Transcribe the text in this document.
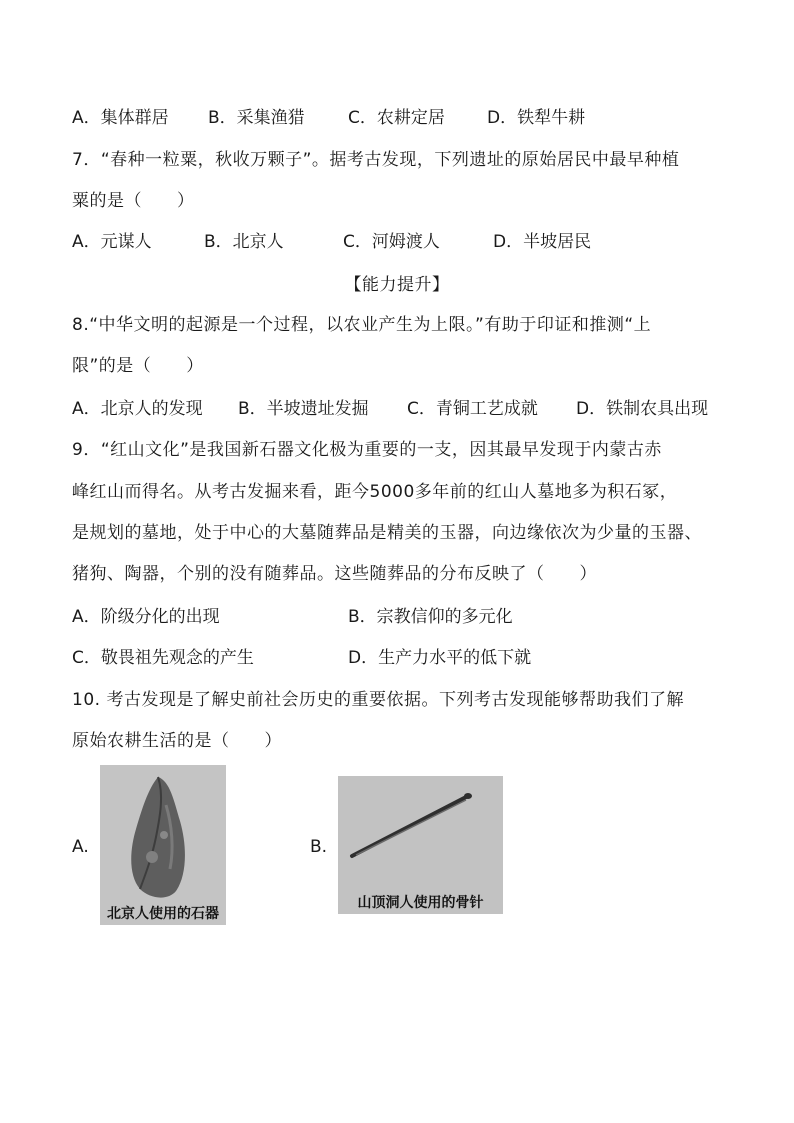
A．集体群居 B．采集渔猎	C．农耕定居 D．铁犁牛耕
7．“春种一粒粟，秋收万颗子”。据考古发现，下列遗址的原始居民中最早种植
粟的是（　　）
A．元谋人	B．北京人	C．河姆渡人	D．半坡居民
【能力提升】
8.“中华文明的起源是一个过程，以农业产生为上限。”有助于印证和推测“上
限”的是（　　）
A．北京人的发现 B．半坡遗址发掘 C．青铜工艺成就 D．铁制农具出现
9．“红山文化”是我国新石器文化极为重要的一支，因其最早发现于内蒙古赤
峰红山而得名。从考古发掘来看，距今5000多年前的红山人墓地多为积石冢，
是规划的墓地，处于中心的大墓随葬品是精美的玉器，向边缘依次为少量的玉器、
猪狗、陶器，个别的没有随葬品。这些随葬品的分布反映了（　　）
A．阶级分化的出现	B．宗教信仰的多元化
C．敬畏祖先观念的产生	D．生产力水平的低下就
10. 考古发现是了解史前社会历史的重要依据。下列考古发现能够帮助我们了解
原始农耕生活的是（　　）
A.
北京人使用的石器
B.
山顶洞人使用的骨针
